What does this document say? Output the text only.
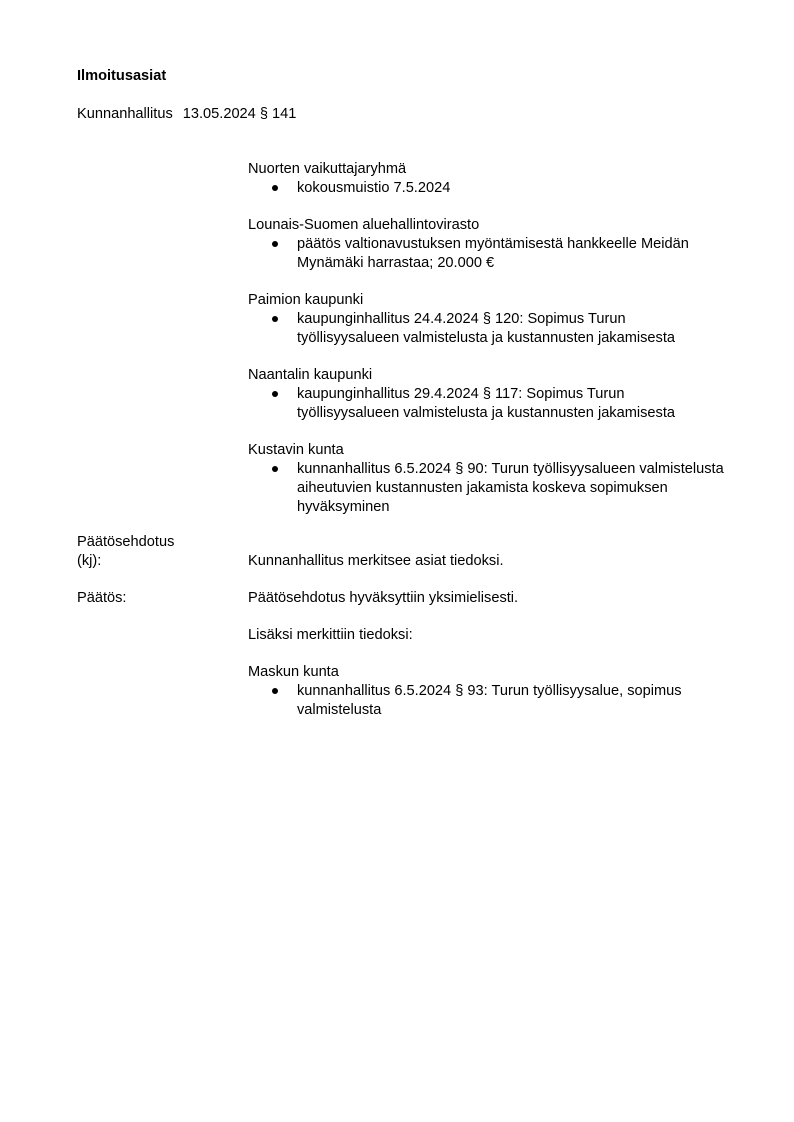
Ilmoitusasiat
Kunnanhallitus 13.05.2024 § 141
Nuorten vaikuttajaryhmä
kokousmuistio 7.5.2024
Lounais-Suomen aluehallintovirasto
päätös valtionavustuksen myöntämisestä hankkeelle Meidän Mynämäki harrastaa; 20.000 €
Paimion kaupunki
kaupunginhallitus 24.4.2024 § 120: Sopimus Turun työllisyysalueen valmistelusta ja kustannusten jakamisesta
Naantalin kaupunki
kaupunginhallitus 29.4.2024 § 117: Sopimus Turun työllisyysalueen valmistelusta ja kustannusten jakamisesta
Kustavin kunta
kunnanhallitus 6.5.2024 § 90: Turun työllisyysalueen valmistelusta aiheutuvien kustannusten jakamista koskeva sopimuksen hyväksyminen
Päätösehdotus
(kj):	Kunnanhallitus merkitsee asiat tiedoksi.
Päätös:	Päätösehdotus hyväksyttiin yksimielisesti.
Lisäksi merkittiin tiedoksi:
Maskun kunta
kunnanhallitus 6.5.2024 § 93: Turun työllisyysalue, sopimus valmistelusta
